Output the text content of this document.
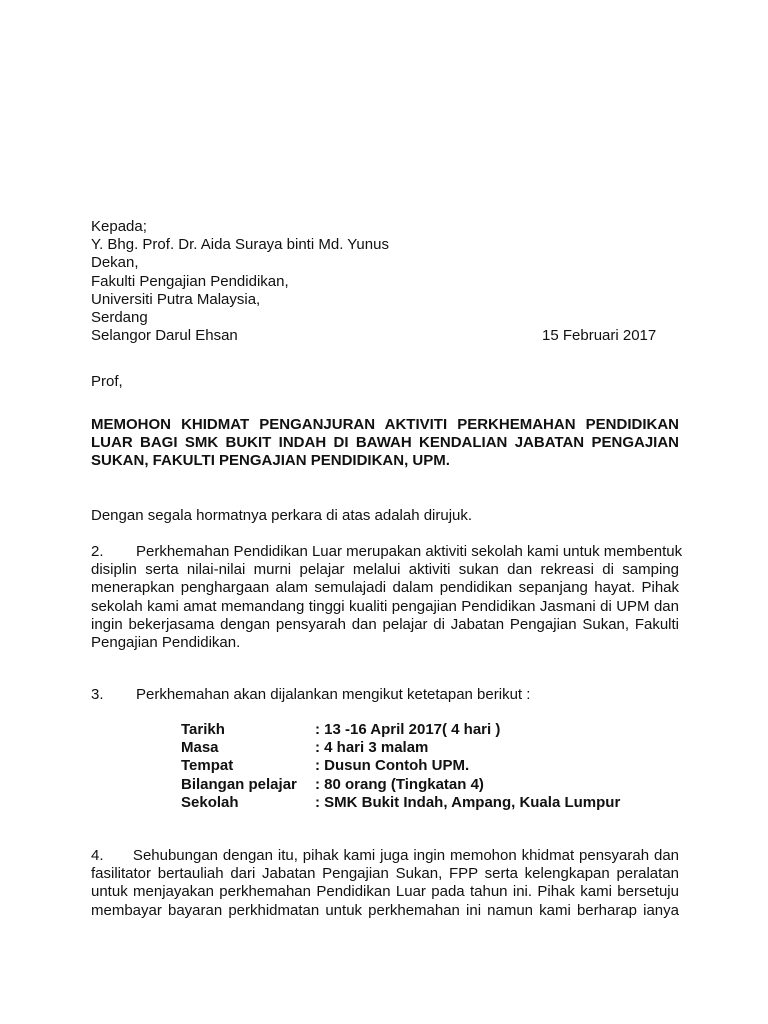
Kepada;
Y. Bhg. Prof. Dr. Aida Suraya binti Md. Yunus
Dekan,
Fakulti Pengajian Pendidikan,
Universiti Putra Malaysia,
Serdang
Selangor Darul Ehsan	15 Februari 2017
Prof,
MEMOHON KHIDMAT PENGANJURAN AKTIVITI PERKHEMAHAN PENDIDIKAN
LUAR BAGI SMK BUKIT INDAH DI BAWAH KENDALIAN JABATAN PENGAJIAN
SUKAN, FAKULTI PENGAJIAN PENDIDIKAN, UPM.
Dengan segala hormatnya perkara di atas adalah dirujuk.
2. Perkhemahan Pendidikan Luar merupakan aktiviti sekolah kami untuk membentuk
disiplin serta nilai-nilai murni pelajar melalui aktiviti sukan dan rekreasi di samping
menerapkan penghargaan alam semulajadi dalam pendidikan sepanjang hayat. Pihak
sekolah kami amat memandang tinggi kualiti pengajian Pendidikan Jasmani di UPM dan
ingin bekerjasama dengan pensyarah dan pelajar di Jabatan Pengajian Sukan, Fakulti
Pengajian Pendidikan.
3. Perkhemahan akan dijalankan mengikut ketetapan berikut :
Tarikh	: 13 -16 April 2017( 4 hari )
Masa	: 4 hari 3 malam
Tempat	: Dusun Contoh UPM.
Bilangan pelajar	: 80 orang (Tingkatan 4)
Sekolah	: SMK Bukit Indah, Ampang, Kuala Lumpur
4.      Sehubungan dengan itu, pihak kami juga ingin memohon khidmat pensyarah dan
fasilitator bertauliah dari Jabatan Pengajian Sukan, FPP serta kelengkapan peralatan
untuk menjayakan perkhemahan Pendidikan Luar pada tahun ini. Pihak kami bersetuju
membayar bayaran perkhidmatan untuk perkhemahan ini namun kami berharap ianya
